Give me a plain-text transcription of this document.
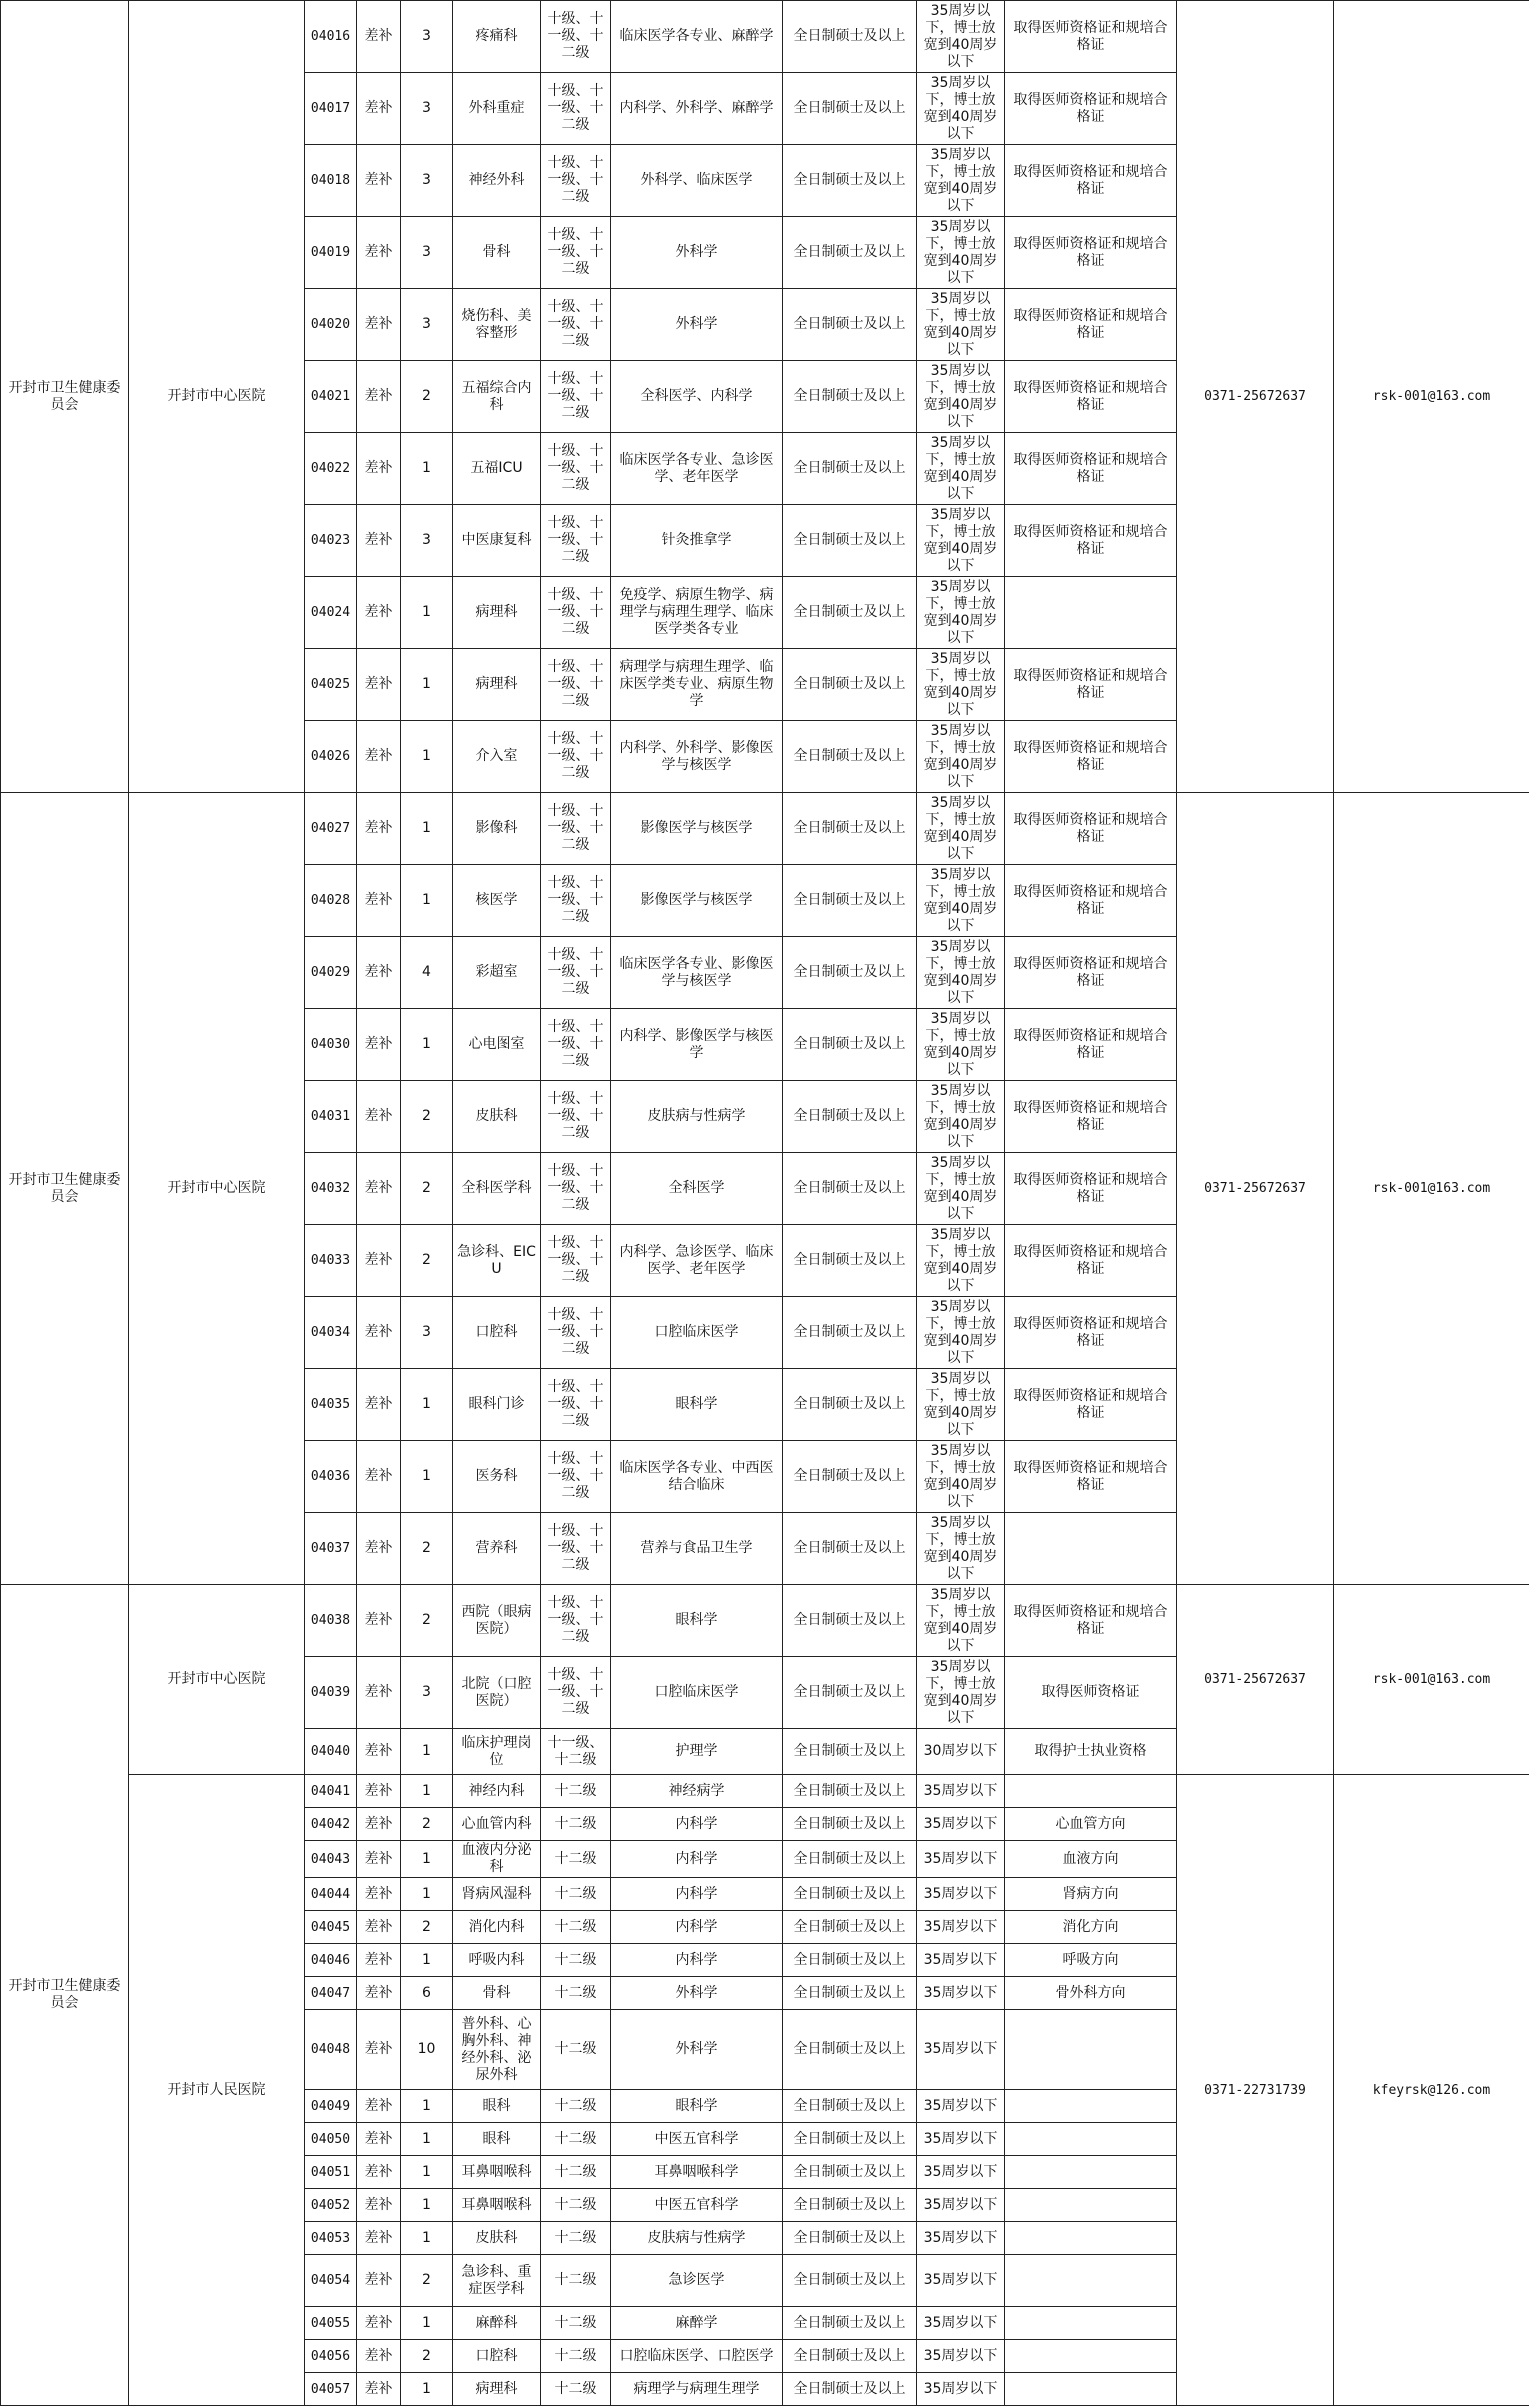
开封市卫生健康委员会	开封市中心医院	04016	差补	3	疼痛科	十级、十一级、十二级	临床医学各专业、麻醉学	全日制硕士及以上	35周岁以下，博士放宽到40周岁以下	取得医师资格证和规培合格证	0371-25672637	rsk-001@163.com
		04017	差补	3	外科重症	十级、十一级、十二级	内科学、外科学、麻醉学	全日制硕士及以上	35周岁以下，博士放宽到40周岁以下	取得医师资格证和规培合格证		
		04018	差补	3	神经外科	十级、十一级、十二级	外科学、临床医学	全日制硕士及以上	35周岁以下，博士放宽到40周岁以下	取得医师资格证和规培合格证		
		04019	差补	3	骨科	十级、十一级、十二级	外科学	全日制硕士及以上	35周岁以下，博士放宽到40周岁以下	取得医师资格证和规培合格证		
		04020	差补	3	烧伤科、美容整形	十级、十一级、十二级	外科学	全日制硕士及以上	35周岁以下，博士放宽到40周岁以下	取得医师资格证和规培合格证		
		04021	差补	2	五福综合内科	十级、十一级、十二级	全科医学、内科学	全日制硕士及以上	35周岁以下，博士放宽到40周岁以下	取得医师资格证和规培合格证		
		04022	差补	1	五福ICU	十级、十一级、十二级	临床医学各专业、急诊医学、老年医学	全日制硕士及以上	35周岁以下，博士放宽到40周岁以下	取得医师资格证和规培合格证		
		04023	差补	3	中医康复科	十级、十一级、十二级	针灸推拿学	全日制硕士及以上	35周岁以下，博士放宽到40周岁以下	取得医师资格证和规培合格证		
		04024	差补	1	病理科	十级、十一级、十二级	免疫学、病原生物学、病理学与病理生理学、临床医学类各专业	全日制硕士及以上	35周岁以下，博士放宽到40周岁以下			
		04025	差补	1	病理科	十级、十一级、十二级	病理学与病理生理学、临床医学类专业、病原生物学	全日制硕士及以上	35周岁以下，博士放宽到40周岁以下	取得医师资格证和规培合格证		
		04026	差补	1	介入室	十级、十一级、十二级	内科学、外科学、影像医学与核医学	全日制硕士及以上	35周岁以下，博士放宽到40周岁以下	取得医师资格证和规培合格证		
开封市卫生健康委员会	开封市中心医院	04027	差补	1	影像科	十级、十一级、十二级	影像医学与核医学	全日制硕士及以上	35周岁以下，博士放宽到40周岁以下	取得医师资格证和规培合格证	0371-25672637	rsk-001@163.com
		04028	差补	1	核医学	十级、十一级、十二级	影像医学与核医学	全日制硕士及以上	35周岁以下，博士放宽到40周岁以下	取得医师资格证和规培合格证		
		04029	差补	4	彩超室	十级、十一级、十二级	临床医学各专业、影像医学与核医学	全日制硕士及以上	35周岁以下，博士放宽到40周岁以下	取得医师资格证和规培合格证		
		04030	差补	1	心电图室	十级、十一级、十二级	内科学、影像医学与核医学	全日制硕士及以上	35周岁以下，博士放宽到40周岁以下	取得医师资格证和规培合格证		
		04031	差补	2	皮肤科	十级、十一级、十二级	皮肤病与性病学	全日制硕士及以上	35周岁以下，博士放宽到40周岁以下	取得医师资格证和规培合格证		
		04032	差补	2	全科医学科	十级、十一级、十二级	全科医学	全日制硕士及以上	35周岁以下，博士放宽到40周岁以下	取得医师资格证和规培合格证		
		04033	差补	2	急诊科、EICU	十级、十一级、十二级	内科学、急诊医学、临床医学、老年医学	全日制硕士及以上	35周岁以下，博士放宽到40周岁以下	取得医师资格证和规培合格证		
		04034	差补	3	口腔科	十级、十一级、十二级	口腔临床医学	全日制硕士及以上	35周岁以下，博士放宽到40周岁以下	取得医师资格证和规培合格证		
		04035	差补	1	眼科门诊	十级、十一级、十二级	眼科学	全日制硕士及以上	35周岁以下，博士放宽到40周岁以下	取得医师资格证和规培合格证		
		04036	差补	1	医务科	十级、十一级、十二级	临床医学各专业、中西医结合临床	全日制硕士及以上	35周岁以下，博士放宽到40周岁以下	取得医师资格证和规培合格证		
		04037	差补	2	营养科	十级、十一级、十二级	营养与食品卫生学	全日制硕士及以上	35周岁以下，博士放宽到40周岁以下			
开封市卫生健康委员会	开封市中心医院	04038	差补	2	西院（眼病医院）	十级、十一级、十二级	眼科学	全日制硕士及以上	35周岁以下，博士放宽到40周岁以下	取得医师资格证和规培合格证	0371-25672637	rsk-001@163.com
		04039	差补	3	北院（口腔医院）	十级、十一级、十二级	口腔临床医学	全日制硕士及以上	35周岁以下，博士放宽到40周岁以下	取得医师资格证		
		04040	差补	1	临床护理岗位	十一级、十二级	护理学	全日制硕士及以上	30周岁以下	取得护士执业资格		
	开封市人民医院	04041	差补	1	神经内科	十二级	神经病学	全日制硕士及以上	35周岁以下		0371-22731739	kfeyrsk@126.com
		04042	差补	2	心血管内科	十二级	内科学	全日制硕士及以上	35周岁以下	心血管方向		
		04043	差补	1	血液内分泌科	十二级	内科学	全日制硕士及以上	35周岁以下	血液方向		
		04044	差补	1	肾病风湿科	十二级	内科学	全日制硕士及以上	35周岁以下	肾病方向		
		04045	差补	2	消化内科	十二级	内科学	全日制硕士及以上	35周岁以下	消化方向		
		04046	差补	1	呼吸内科	十二级	内科学	全日制硕士及以上	35周岁以下	呼吸方向		
		04047	差补	6	骨科	十二级	外科学	全日制硕士及以上	35周岁以下	骨外科方向		
		04048	差补	10	普外科、心胸外科、神经外科、泌尿外科	十二级	外科学	全日制硕士及以上	35周岁以下			
		04049	差补	1	眼科	十二级	眼科学	全日制硕士及以上	35周岁以下			
		04050	差补	1	眼科	十二级	中医五官科学	全日制硕士及以上	35周岁以下			
		04051	差补	1	耳鼻咽喉科	十二级	耳鼻咽喉科学	全日制硕士及以上	35周岁以下			
		04052	差补	1	耳鼻咽喉科	十二级	中医五官科学	全日制硕士及以上	35周岁以下			
		04053	差补	1	皮肤科	十二级	皮肤病与性病学	全日制硕士及以上	35周岁以下			
		04054	差补	2	急诊科、重症医学科	十二级	急诊医学	全日制硕士及以上	35周岁以下			
		04055	差补	1	麻醉科	十二级	麻醉学	全日制硕士及以上	35周岁以下			
		04056	差补	2	口腔科	十二级	口腔临床医学、口腔医学	全日制硕士及以上	35周岁以下			
		04057	差补	1	病理科	十二级	病理学与病理生理学	全日制硕士及以上	35周岁以下			
